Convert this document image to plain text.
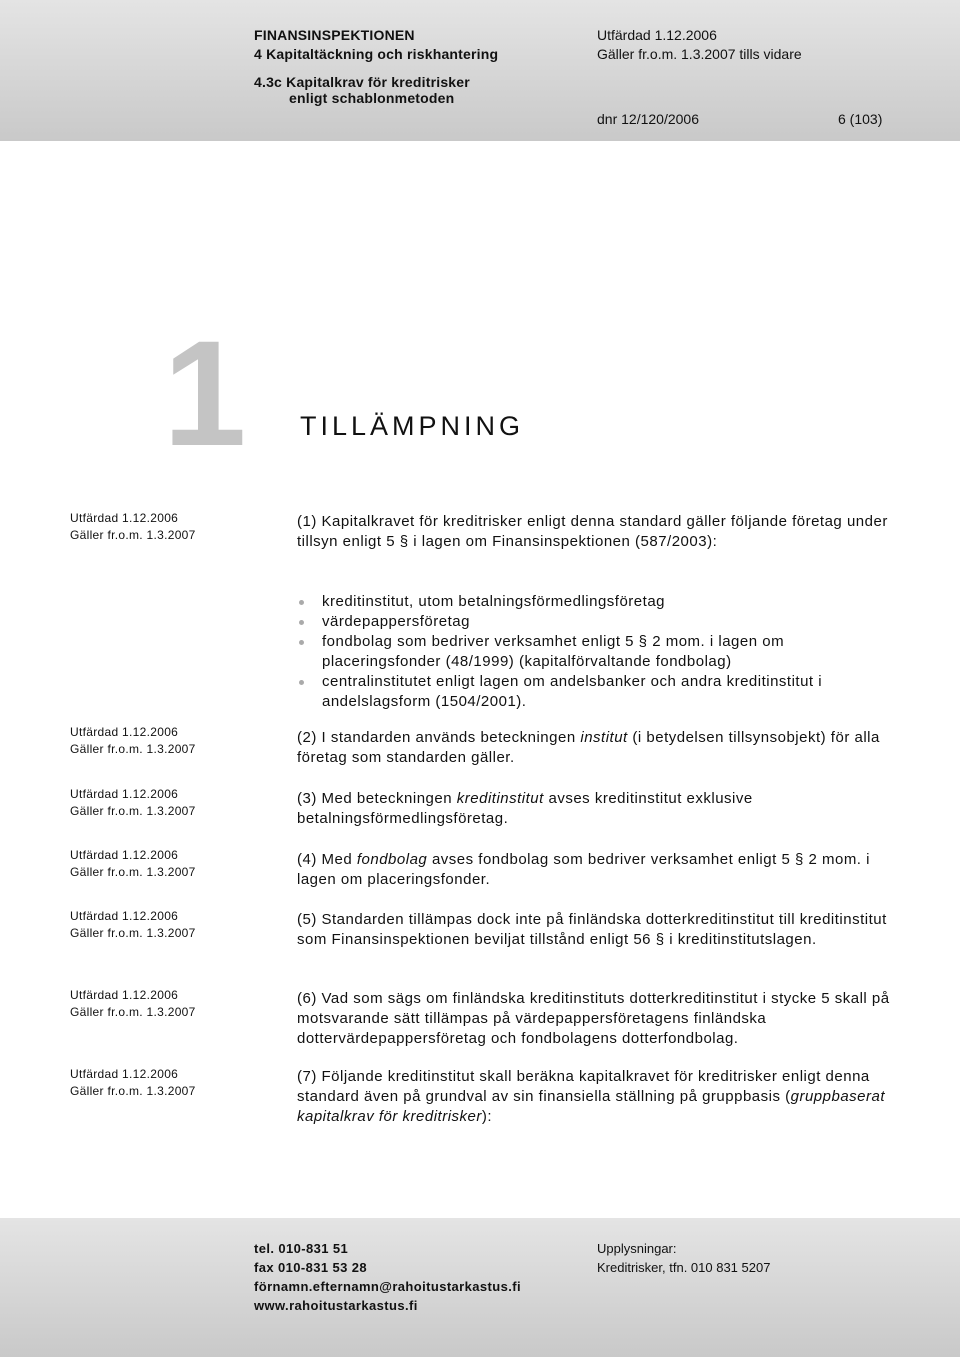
FINANSINSPEKTIONEN
4 Kapitaltäckning och riskhantering
4.3c Kapitalkrav för kreditrisker
enligt schablonmetoden
Utfärdad 1.12.2006
Gäller fr.o.m. 1.3.2007 tills vidare
dnr 12/120/2006	6 (103)
1 TILLÄMPNING
Utfärdad 1.12.2006
Gäller fr.o.m. 1.3.2007
Utfärdad 1.12.2006
Gäller fr.o.m. 1.3.2007
Utfärdad 1.12.2006
Gäller fr.o.m. 1.3.2007
Utfärdad 1.12.2006
Gäller fr.o.m. 1.3.2007
Utfärdad 1.12.2006
Gäller fr.o.m. 1.3.2007
Utfärdad 1.12.2006
Gäller fr.o.m. 1.3.2007
Utfärdad 1.12.2006
Gäller fr.o.m. 1.3.2007
(1) Kapitalkravet för kreditrisker enligt denna standard gäller följande företag under tillsyn enligt 5 § i lagen om Finansinspektionen (587/2003):
kreditinstitut, utom betalningsförmedlingsföretag
värdepappersföretag
fondbolag som bedriver verksamhet enligt 5 § 2 mom. i lagen om placeringsfonder (48/1999) (kapitalförvaltande fondbolag)
centralinstitutet enligt lagen om andelsbanker och andra kreditinstitut i andelslagsform (1504/2001).
(2) I standarden används beteckningen institut (i betydelsen tillsynsobjekt) för alla företag som standarden gäller.
(3) Med beteckningen kreditinstitut avses kreditinstitut exklusive betalningsförmedlingsföretag.
(4) Med fondbolag avses fondbolag som bedriver verksamhet enligt 5 § 2 mom. i lagen om placeringsfonder.
(5) Standarden tillämpas dock inte på finländska dotterkreditinstitut till kreditinstitut som Finansinspektionen beviljat tillstånd enligt 56 § i kreditinstitutslagen.
(6) Vad som sägs om finländska kreditinstituts dotterkreditinstitut i stycke 5 skall på motsvarande sätt tillämpas på värdepappersföretagens finländska dottervärdepappersföretag och fondbolagens dotterfondbolag.
(7) Följande kreditinstitut skall beräkna kapitalkravet för kreditrisker enligt denna standard även på grundval av sin finansiella ställning på gruppbasis (gruppbaserat kapitalkrav för kreditrisker):
tel. 010-831 51
fax 010-831 53 28
förnamn.efternamn@rahoitustarkastus.fi
www.rahoitustarkastus.fi
Upplysningar:
Kreditrisker, tfn. 010 831 5207
